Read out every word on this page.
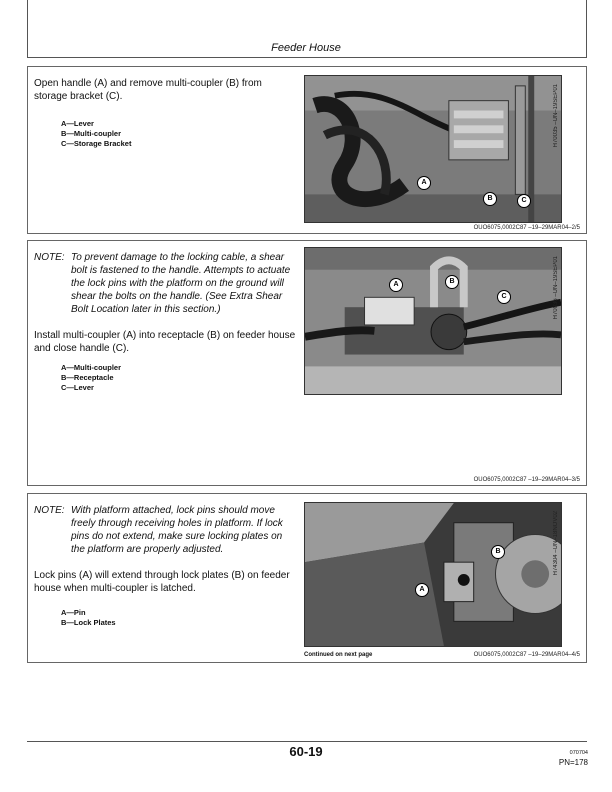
Feeder House

Open handle (A) and remove multi-coupler (B) from storage bracket (C).

A—Lever
B—Multi-coupler
C—Storage Bracket
A
B	C
H70035 –UN–19SEP01
OUO6075,0002C87 –19–29MAR04–2/5
NOTE: To prevent damage to the locking cable, a shear bolt is fastened to the handle. Attempts to actuate the lock pins with the platform on the ground will shear the bolts on the handle. (See Extra Shear Bolt Location later in this section.)

Install multi-coupler (A) into receptacle (B) on feeder house and close handle (C).

A—Multi-coupler
B—Receptacle
C—Lever
A	B
C	H70036 –UN–19SEP01
OUO6075,0002C87 –19–29MAR04–3/5
NOTE: With platform attached, lock pins should move freely through receiving holes in platform. If lock pins do not extend, make sure locking plates on the platform are properly adjusted.

Lock pins (A) will extend through lock plates (B) on feeder house when multi-coupler is latched.

A—Pin
B—Lock Plates
A
B	H74304 –UN–18NOV02
Continued on next page	OUO6075,0002C87 –19–29MAR04–4/5
60-19	070704
PN=178
